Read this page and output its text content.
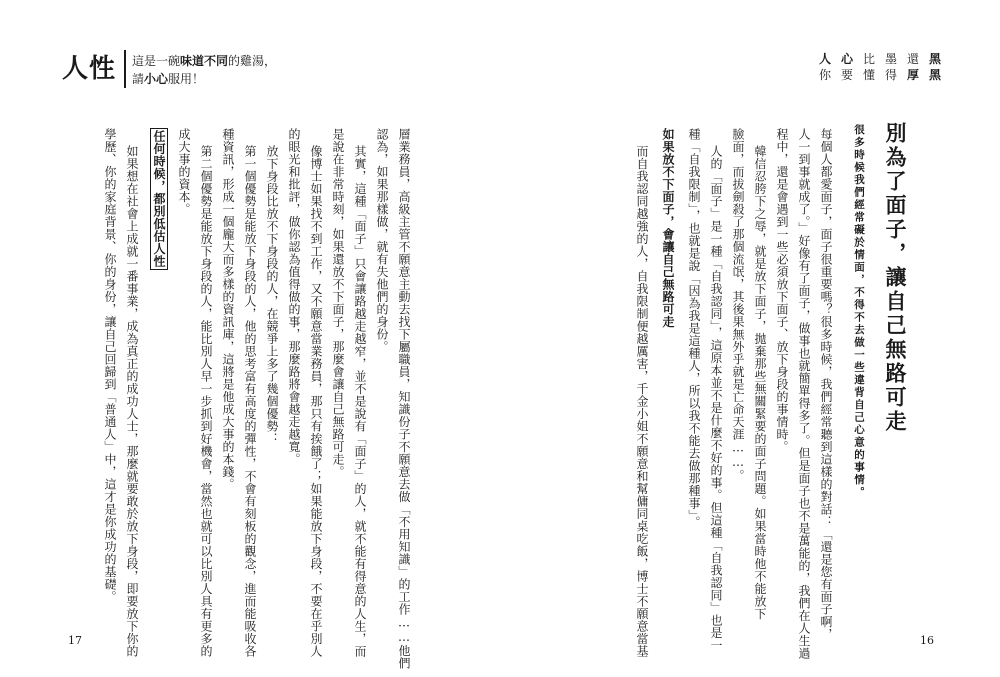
人性 這是一碗味道不同的雞湯，
請小心服用！
人 心 比 墨 還 黑
你 要 懂 得 厚 黑
別為了面子，讓自己無路可走
很多時候我們經常礙於情面，不得不去做一些違背自己心意的事情。
每個人都愛面子，面子很重要嗎？很多時候，我們經常聽到這樣的對話：「還是您有面子啊，
人一到事就成了。」好像有了面子，做事也就簡單得多了。但是面子也不是萬能的，我們在人生過
程中，還是會遇到一些必須放下面子、放下身段的事情時。
韓信忍胯下之辱，就是放下面子，拋棄那些無關緊要的面子問題。如果當時他不能放下
臉面，而拔劍殺了那個流氓，其後果無外乎就是亡命天涯……。
人的「面子」是一種「自我認同」，這原本並不是什麼不好的事。但這種「自我認同」也是一
種「自我限制」，也就是說「因為我是這種人，所以我不能去做那種事」。
如果放不下面子，會讓自己無路可走
而自我認同越強的人，自我限制便越厲害，千金小姐不願意和幫傭同桌吃飯，博士不願意當基	16
層業務員，高級主管不願意主動去找下屬職員，知識份子不願意去做「不用知識」的工作……他們
認為，如果那樣做，就有失他們的身份。
其實，這種「面子」只會讓路越走越窄，並不是說有「面子」的人，就不能有得意的人生，而
是說在非常時刻，如果還放不下面子，那麼會讓自己無路可走。
像博士如果找不到工作，又不願意當業務員，那只有挨餓了；如果能放下身段，不要在乎別人
的眼光和批評，做你認為值得做的事，那麼路將會越走越寬。
放下身段比放不下身段的人，在競爭上多了幾個優勢：
第一個優勢是能放下身段的人，他的思考富有高度的彈性，不會有刻板的觀念，進而能吸收各
種資訊，形成一個龐大而多樣的資訊庫，這將是他成大事的本錢。
第二個優勢是能放下身段的人，能比別人早一步抓到好機會，當然也就可以比別人具有更多的
成大事的資本。
任何時候，都別低估人性
如果想在社會上成就一番事業，成為真正的成功人士，那麼就要敢於放下身段，即要放下你的
學歷、你的家庭背景、你的身份，讓自己回歸到「普通人」中，這才是你成功的基礎。
17
